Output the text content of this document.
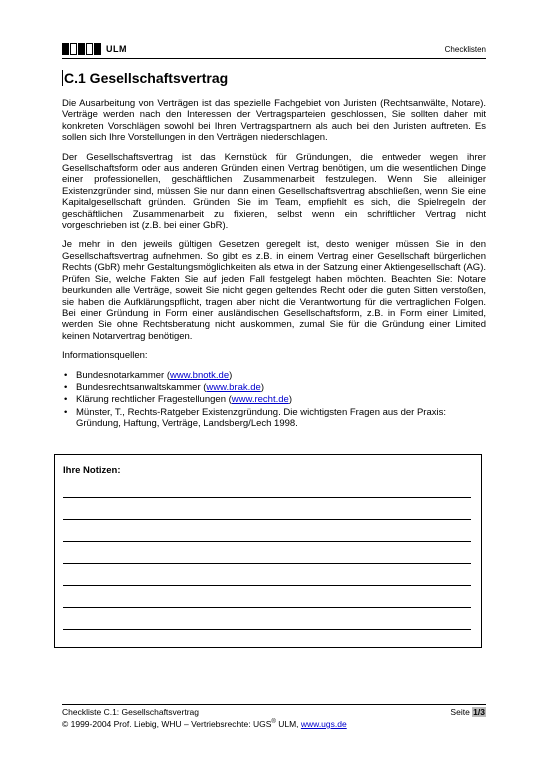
ULM	Checklisten
C.1 Gesellschaftsvertrag

Die Ausarbeitung von Verträgen ist das spezielle Fachgebiet von Juristen (Rechtsanwälte, Notare). Verträge werden nach den Interessen der Vertragsparteien geschlossen, Sie sollten daher mit konkreten Vorschlägen sowohl bei Ihren Vertragspartnern als auch bei den Juristen auftreten. Es sollen sich Ihre Vorstellungen in den Verträgen niederschlagen.

Der Gesellschaftsvertrag ist das Kernstück für Gründungen, die entweder wegen ihrer Gesellschaftsform oder aus anderen Gründen einen Vertrag benötigen, um die wesentlichen Dinge einer professionellen, geschäftlichen Zusammenarbeit festzulegen. Wenn Sie alleiniger Existenzgründer sind, müssen Sie nur dann einen Gesellschaftsvertrag abschließen, wenn Sie eine Kapitalgesellschaft gründen. Gründen Sie im Team, empfiehlt es sich, die Spielregeln der geschäftlichen Zusammenarbeit zu fixieren, selbst wenn ein schriftlicher Vertrag nicht vorgeschrieben ist (z.B. bei einer GbR).

Je mehr in den jeweils gültigen Gesetzen geregelt ist, desto weniger müssen Sie in den Gesellschaftsvertrag aufnehmen. So gibt es z.B. in einem Vertrag einer Gesellschaft bürgerlichen Rechts (GbR) mehr Gestaltungsmöglichkeiten als etwa in der Satzung einer Aktiengesellschaft (AG). Prüfen Sie, welche Fakten Sie auf jeden Fall festgelegt haben möchten. Beachten Sie: Notare beurkunden alle Verträge, soweit Sie nicht gegen geltendes Recht oder die guten Sitten verstoßen, sie haben die Aufklärungspflicht, tragen aber nicht die Verantwortung für die vertraglichen Folgen. Bei einer Gründung in Form einer ausländischen Gesellschaftsform, z.B. in Form einer Limited, werden Sie ohne Rechtsberatung nicht auskommen, zumal Sie für die Gründung einer Limited keinen Notarvertrag benötigen.

Informationsquellen:
• Bundesnotarkammer (www.bnotk.de)
• Bundesrechtsanwaltskammer (www.brak.de)
• Klärung rechtlicher Fragestellungen (www.recht.de)
• Münster, T., Rechts-Ratgeber Existenzgründung. Die wichtigsten Fragen aus der Praxis: Gründung, Haftung, Verträge, Landsberg/Lech 1998.
Ihre Notizen:
Checkliste C.1: Gesellschaftsvertrag	Seite 1/3
© 1999-2004 Prof. Liebig, WHU – Vertriebsrechte: UGS® ULM, www.ugs.de
